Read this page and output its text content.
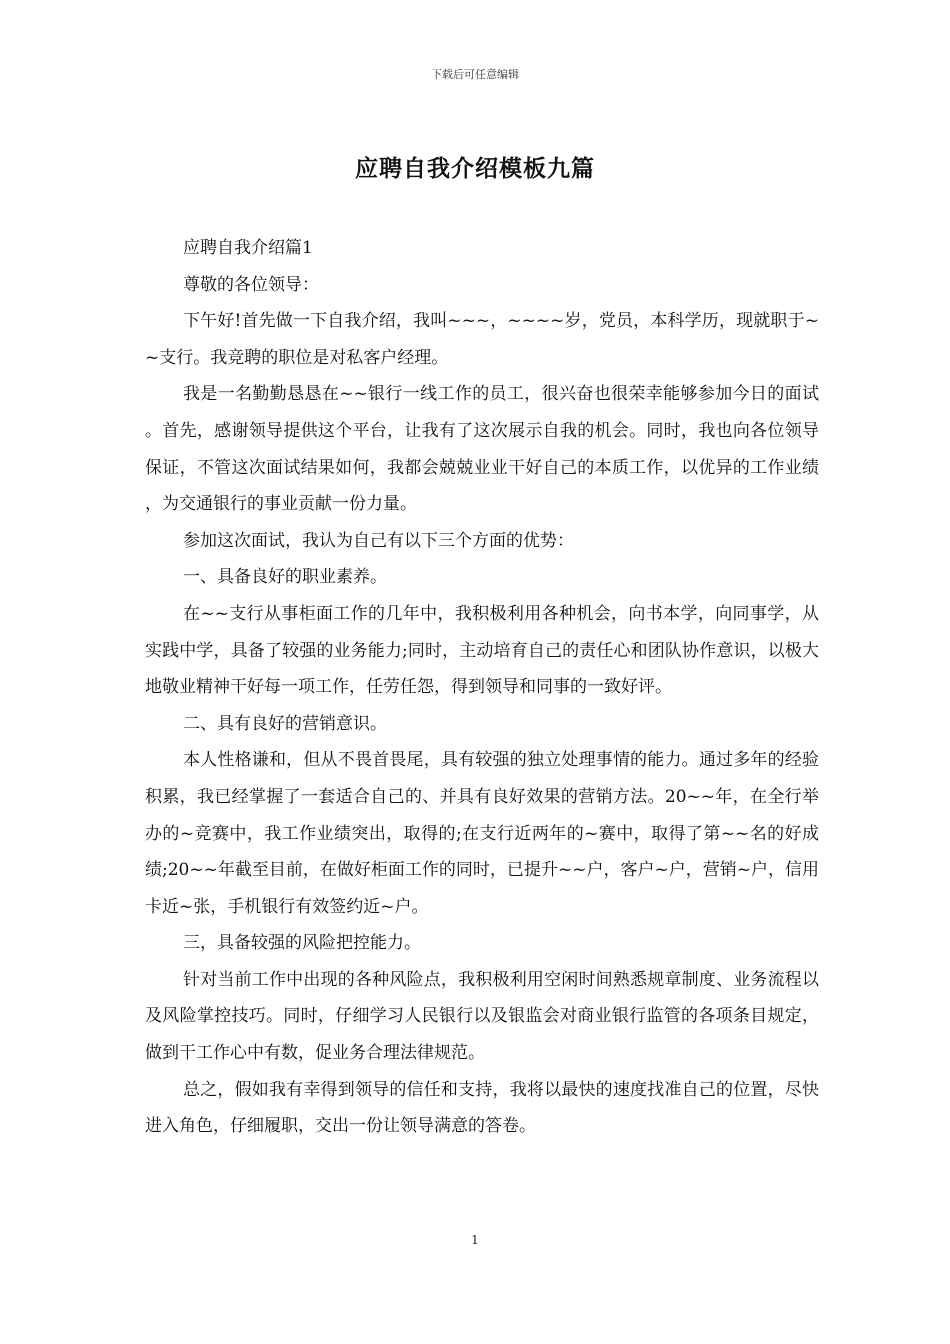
下载后可任意编辑
应聘自我介绍模板九篇

应聘自我介绍篇1

尊敬的各位领导：

下午好!首先做一下自我介绍，我叫~~~，~~~~岁，党员，本科学历，现就职于~~支行。我竞聘的职位是对私客户经理。

我是一名勤勤恳恳在~~银行一线工作的员工，很兴奋也很荣幸能够参加今日的面试。首先，感谢领导提供这个平台，让我有了这次展示自我的机会。同时，我也向各位领导保证，不管这次面试结果如何，我都会兢兢业业干好自己的本质工作，以优异的工作业绩，为交通银行的事业贡献一份力量。

参加这次面试，我认为自己有以下三个方面的优势：

一、具备良好的职业素养。

在~~支行从事柜面工作的几年中，我积极利用各种机会，向书本学，向同事学，从实践中学，具备了较强的业务能力;同时，主动培育自己的责任心和团队协作意识，以极大地敬业精神干好每一项工作，任劳任怨，得到领导和同事的一致好评。

二、具有良好的营销意识。

本人性格谦和，但从不畏首畏尾，具有较强的独立处理事情的能力。通过多年的经验积累，我已经掌握了一套适合自己的、并具有良好效果的营销方法。20~~年，在全行举办的~竞赛中，我工作业绩突出，取得的;在支行近两年的~赛中，取得了第~~名的好成绩;20~~年截至目前，在做好柜面工作的同时，已提升~~户，客户~户，营销~户，信用卡近~张，手机银行有效签约近~户。

三，具备较强的风险把控能力。

针对当前工作中出现的各种风险点，我积极利用空闲时间熟悉规章制度、业务流程以及风险掌控技巧。同时，仔细学习人民银行以及银监会对商业银行监管的各项条目规定，做到干工作心中有数，促业务合理法律规范。

总之，假如我有幸得到领导的信任和支持，我将以最快的速度找准自己的位置，尽快进入角色，仔细履职，交出一份让领导满意的答卷。

1
